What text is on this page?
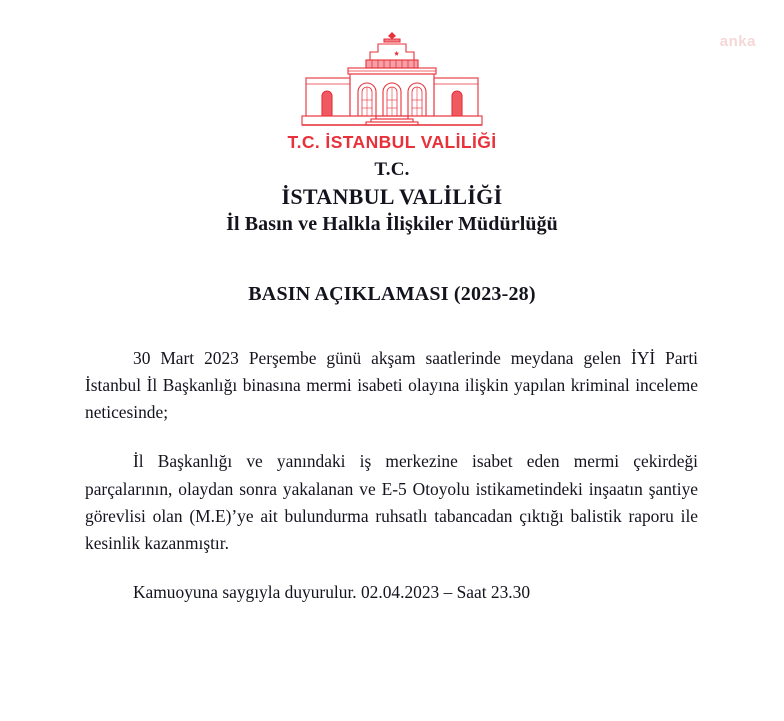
anka
T.C. İSTANBUL VALİLİĞİ
T.C.
İSTANBUL VALİLİĞİ
İl Basın ve Halkla İlişkiler Müdürlüğü
BASIN AÇIKLAMASI (2023-28)

30 Mart 2023 Perşembe günü akşam saatlerinde meydana gelen İYİ Parti İstanbul İl Başkanlığı binasına mermi isabeti olayına ilişkin yapılan kriminal inceleme neticesinde;

İl Başkanlığı ve yanındaki iş merkezine isabet eden mermi çekirdeği parçalarının, olaydan sonra yakalanan ve E-5 Otoyolu istikametindeki inşaatın şantiye görevlisi olan (M.E)’ye ait bulundurma ruhsatlı tabancadan çıktığı balistik raporu ile kesinlik kazanmıştır.

Kamuoyuna saygıyla duyurulur. 02.04.2023 – Saat 23.30
